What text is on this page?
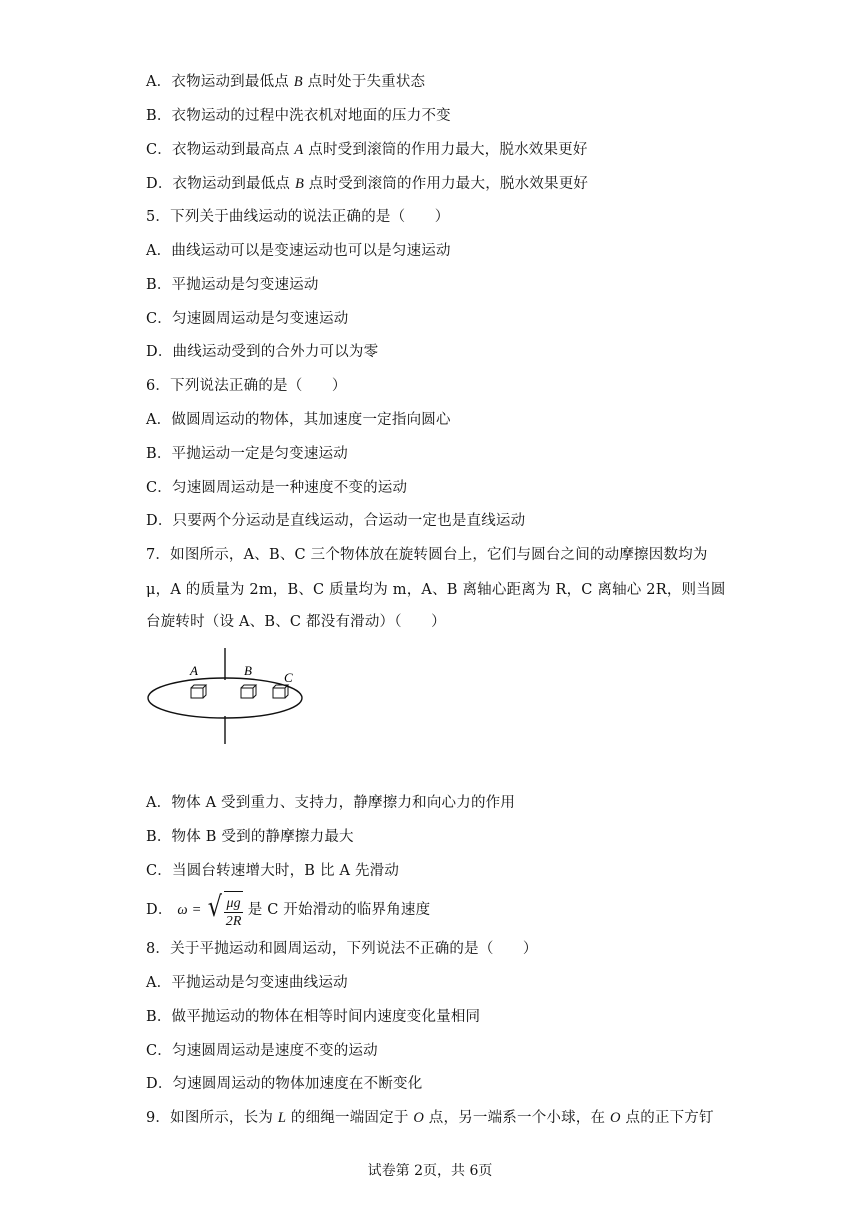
A．衣物运动到最低点 B 点时处于失重状态
B．衣物运动的过程中洗衣机对地面的压力不变
C．衣物运动到最高点 A 点时受到滚筒的作用力最大，脱水效果更好
D．衣物运动到最低点 B 点时受到滚筒的作用力最大，脱水效果更好
5．下列关于曲线运动的说法正确的是（　　）
A．曲线运动可以是变速运动也可以是匀速运动
B．平抛运动是匀变速运动
C．匀速圆周运动是匀变速运动
D．曲线运动受到的合外力可以为零
6．下列说法正确的是（　　）
A．做圆周运动的物体，其加速度一定指向圆心
B．平抛运动一定是匀变速运动
C．匀速圆周运动是一种速度不变的运动
D．只要两个分运动是直线运动，合运动一定也是直线运动
7．如图所示，A、B、C 三个物体放在旋转圆台上，它们与圆台之间的动摩擦因数均为
μ，A 的质量为 2m，B、C 质量均为 m，A、B 离轴心距离为 R，C 离轴心 2R，则当圆
台旋转时（设 A、B、C 都没有滑动）（　　）
A	B C
A．物体 A 受到重力、支持力，静摩擦力和向心力的作用
B．物体 B 受到的静摩擦力最大
C．当圆台转速增大时，B 比 A 先滑动
D． ω = √ $\frac{\mu g}{2R}$ 是 C 开始滑动的临界角速度
8．关于平抛运动和圆周运动，下列说法不正确的是（　　）
A．平抛运动是匀变速曲线运动
B．做平抛运动的物体在相等时间内速度变化量相同
C．匀速圆周运动是速度不变的运动
D．匀速圆周运动的物体加速度在不断变化
9．如图所示，长为 L 的细绳一端固定于 O 点，另一端系一个小球，在 O 点的正下方钉
试卷第 2页，共 6页
